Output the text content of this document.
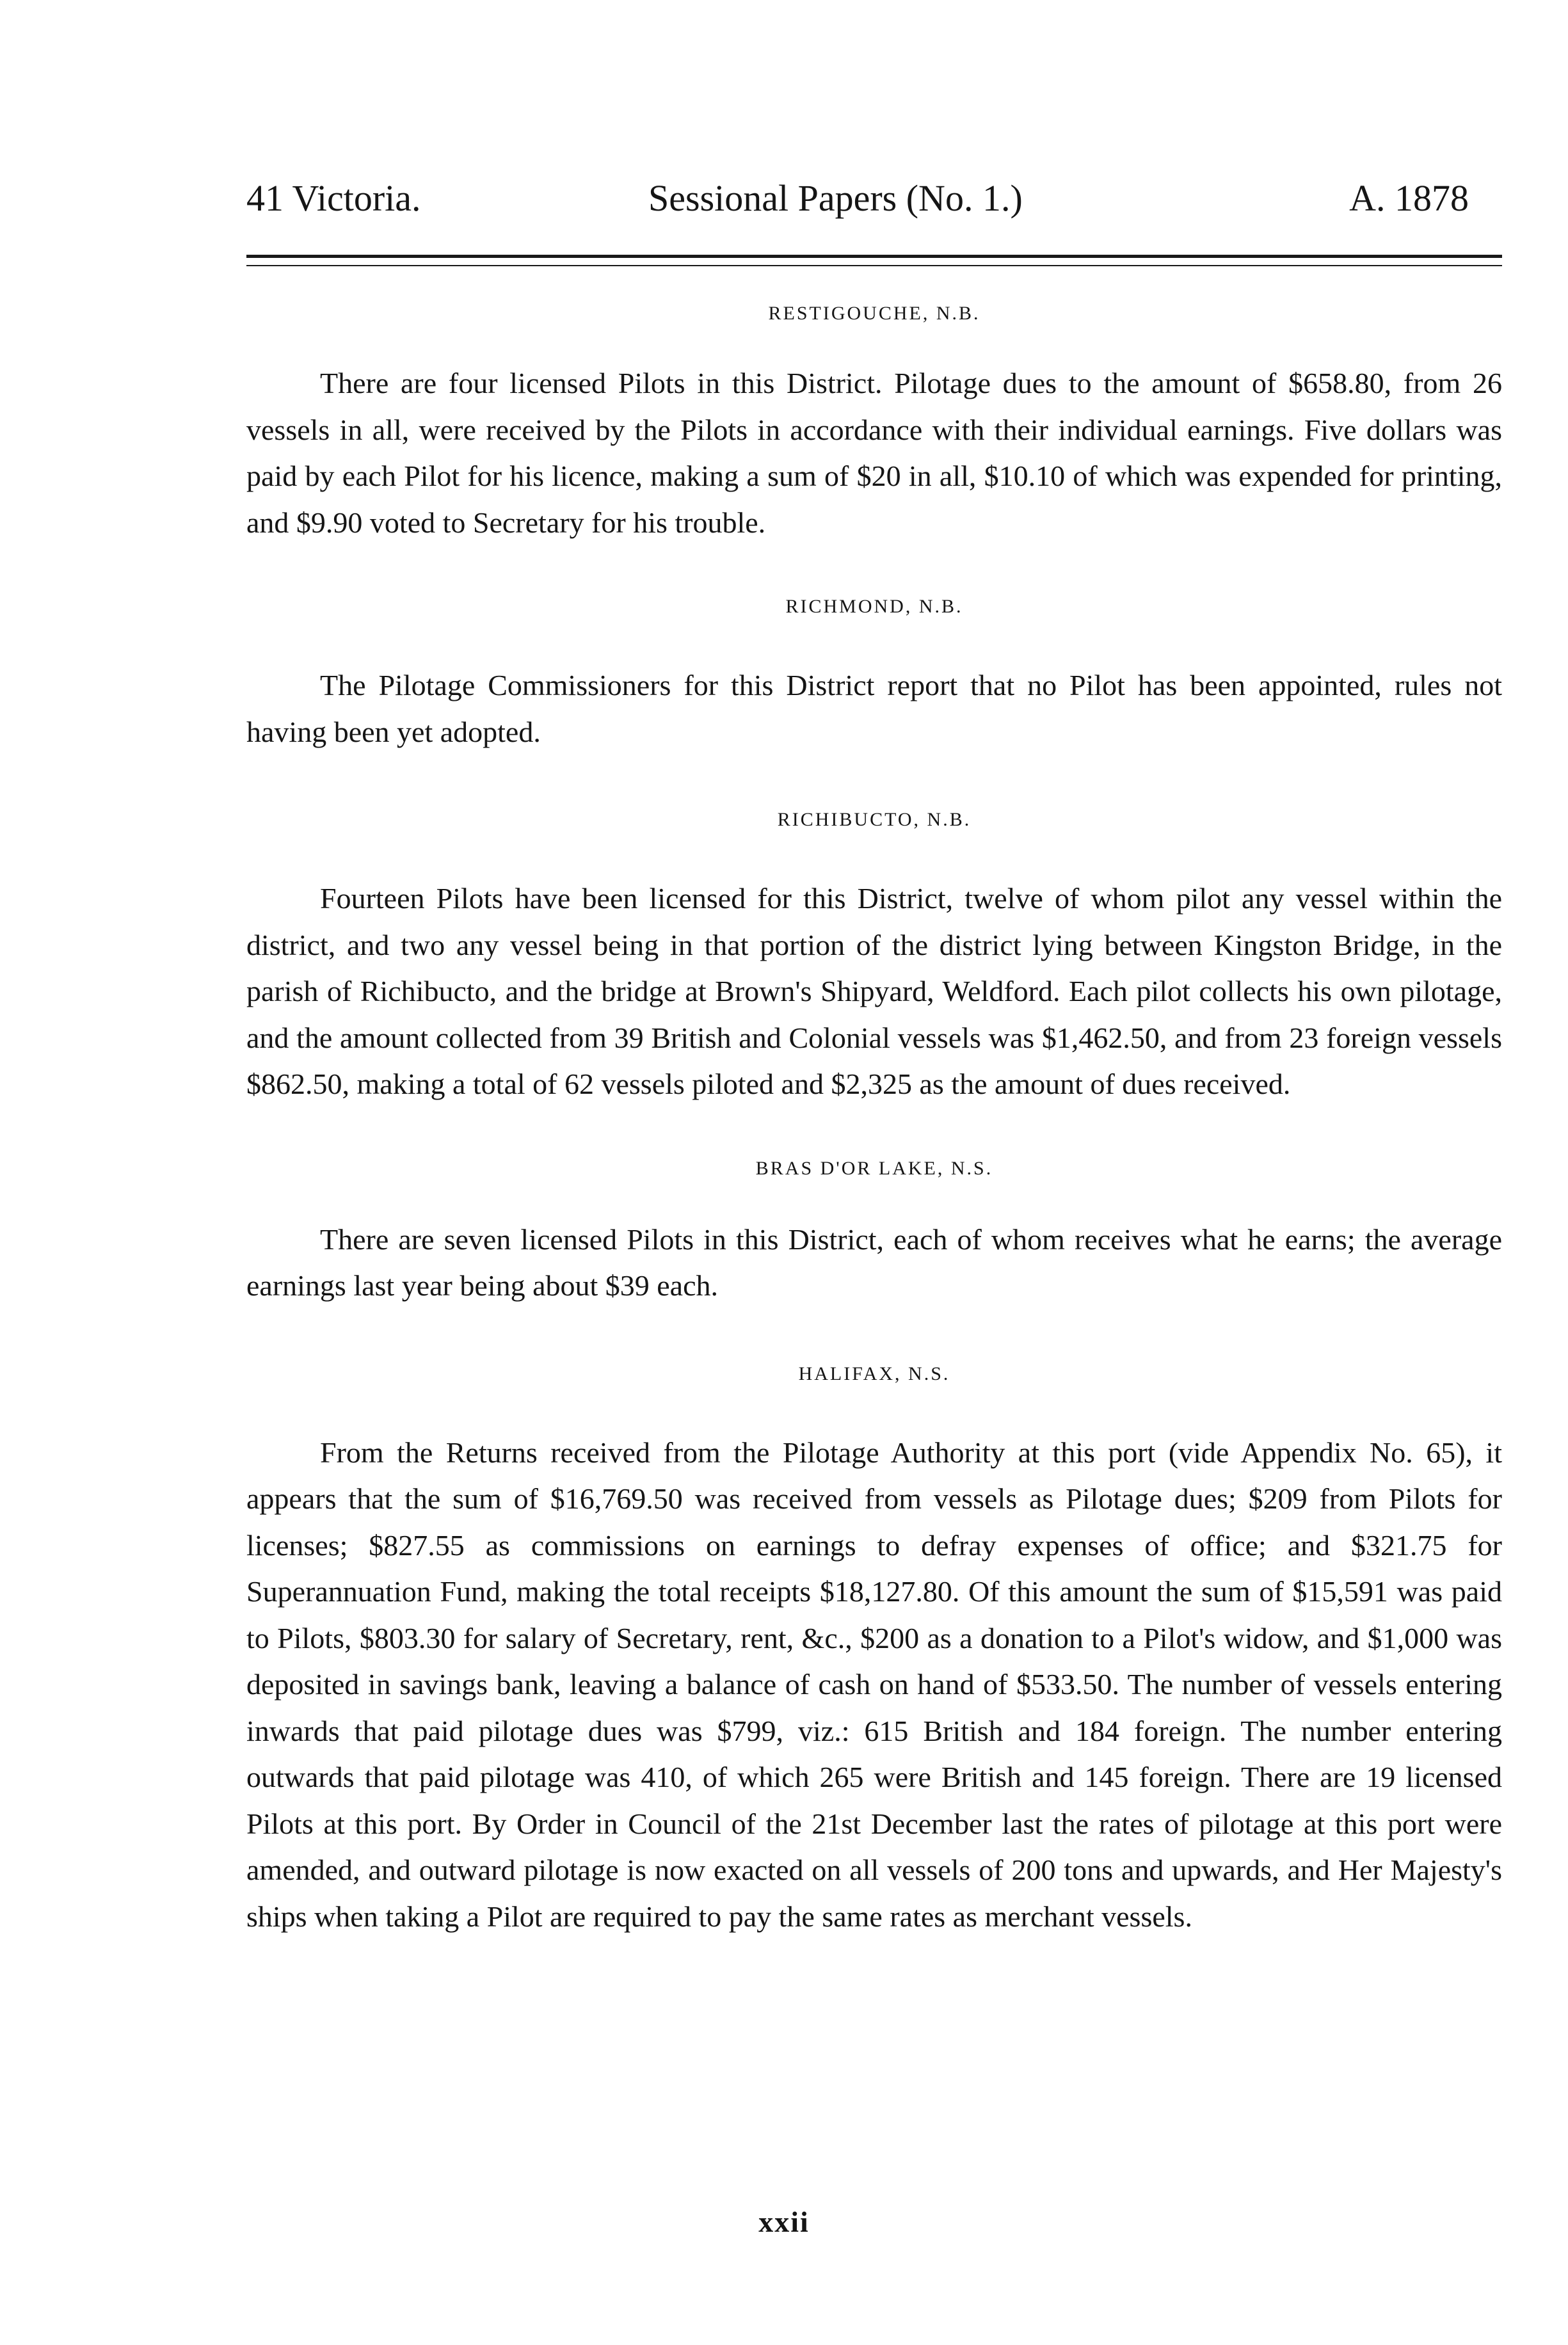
41 Victoria.	Sessional Papers (No. 1.)	A. 1878
RESTIGOUCHE, N.B.

There are four licensed Pilots in this District. Pilotage dues to the amount of $658.80, from 26 vessels in all, were received by the Pilots in accordance with their individual earnings. Five dollars was paid by each Pilot for his licence, making a sum of $20 in all, $10.10 of which was expended for printing, and $9.90 voted to Secretary for his trouble.

RICHMOND, N.B.

The Pilotage Commissioners for this District report that no Pilot has been appointed, rules not having been yet adopted.

RICHIBUCTO, N.B.

Fourteen Pilots have been licensed for this District, twelve of whom pilot any vessel within the district, and two any vessel being in that portion of the district lying between Kingston Bridge, in the parish of Richibucto, and the bridge at Brown's Shipyard, Weldford. Each pilot collects his own pilotage, and the amount collected from 39 British and Colonial vessels was $1,462.50, and from 23 foreign vessels $862.50, making a total of 62 vessels piloted and $2,325 as the amount of dues received.

BRAS D'OR LAKE, N.S.

There are seven licensed Pilots in this District, each of whom receives what he earns; the average earnings last year being about $39 each.

HALIFAX, N.S.

From the Returns received from the Pilotage Authority at this port (vide Appendix No. 65), it appears that the sum of $16,769.50 was received from vessels as Pilotage dues; $209 from Pilots for licenses; $827.55 as commissions on earnings to defray expenses of office; and $321.75 for Superannuation Fund, making the total receipts $18,127.80. Of this amount the sum of $15,591 was paid to Pilots, $803.30 for salary of Secretary, rent, &c., $200 as a donation to a Pilot's widow, and $1,000 was deposited in savings bank, leaving a balance of cash on hand of $533.50. The number of vessels entering inwards that paid pilotage dues was $799, viz.: 615 British and 184 foreign. The number entering outwards that paid pilotage was 410, of which 265 were British and 145 foreign. There are 19 licensed Pilots at this port. By Order in Council of the 21st December last the rates of pilotage at this port were amended, and outward pilotage is now exacted on all vessels of 200 tons and upwards, and Her Majesty's ships when taking a Pilot are required to pay the same rates as merchant vessels.

xxii
